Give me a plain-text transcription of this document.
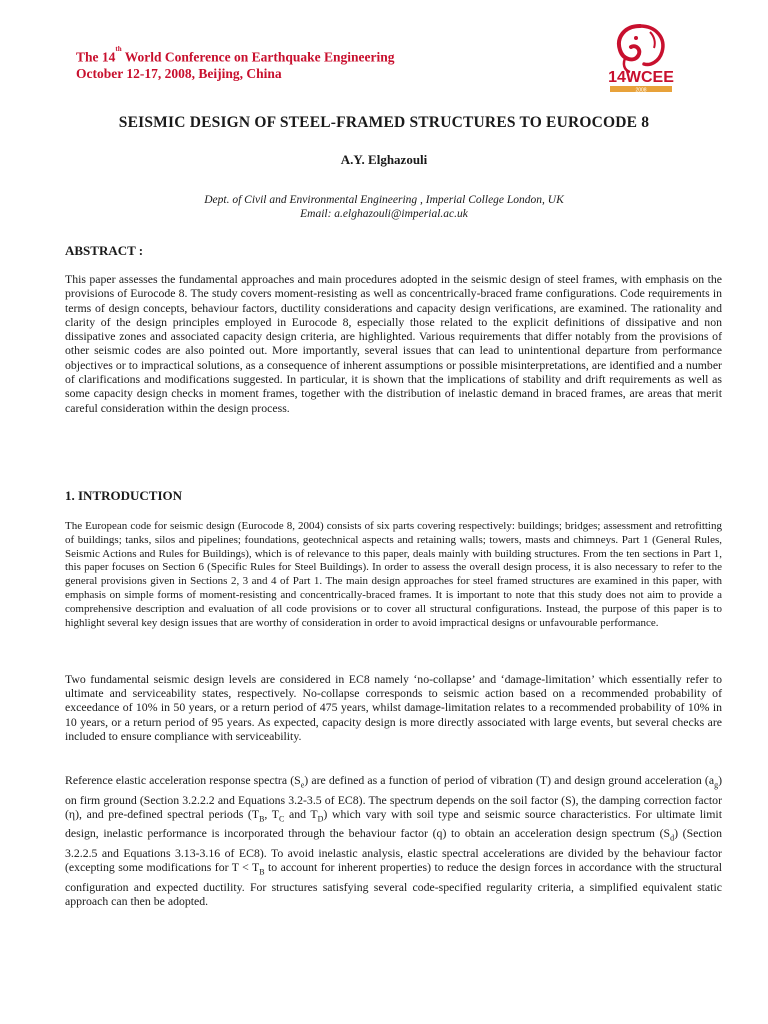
The 14th World Conference on Earthquake Engineering
October 12-17, 2008, Beijing, China	14WCEE
2008
SEISMIC DESIGN OF STEEL-FRAMED STRUCTURES TO EUROCODE 8
A.Y. Elghazouli
Dept. of Civil and Environmental Engineering , Imperial College London, UK
Email: a.elghazouli@imperial.ac.uk
ABSTRACT :
This paper assesses the fundamental approaches and main procedures adopted in the seismic design of steel frames, with emphasis on the provisions of Eurocode 8. The study covers moment-resisting as well as concentrically-braced frame configurations. Code requirements in terms of design concepts, behaviour factors, ductility considerations and capacity design verifications, are examined. The rationality and clarity of the design principles employed in Eurocode 8, especially those related to the explicit definitions of dissipative and non dissipative zones and associated capacity design criteria, are highlighted. Various requirements that differ notably from the provisions of other seismic codes are also pointed out. More importantly, several issues that can lead to unintentional departure from performance objectives or to impractical solutions, as a consequence of inherent assumptions or possible misinterpretations, are identified and a number of clarifications and modifications suggested. In particular, it is shown that the implications of stability and drift requirements as well as some capacity design checks in moment frames, together with the distribution of inelastic demand in braced frames, are areas that merit careful consideration within the design process.
1. INTRODUCTION
The European code for seismic design (Eurocode 8, 2004) consists of six parts covering respectively: buildings; bridges; assessment and retrofitting of buildings; tanks, silos and pipelines; foundations, geotechnical aspects and retaining walls; towers, masts and chimneys. Part 1 (General Rules, Seismic Actions and Rules for Buildings), which is of relevance to this paper, deals mainly with building structures. From the ten sections in Part 1, this paper focuses on Section 6 (Specific Rules for Steel Buildings). In order to assess the overall design process, it is also necessary to refer to the general provisions given in Sections 2, 3 and 4 of Part 1. The main design approaches for steel framed structures are examined in this paper, with emphasis on simple forms of moment-resisting and concentrically-braced frames. It is important to note that this study does not aim to provide a comprehensive description and evaluation of all code provisions or to cover all structural configurations. Instead, the purpose of this paper is to highlight several key design issues that are worthy of consideration in order to avoid impractical designs or unfavourable performance.
Two fundamental seismic design levels are considered in EC8 namely ‘no-collapse’ and ‘damage-limitation’ which essentially refer to ultimate and serviceability states, respectively. No-collapse corresponds to seismic action based on a recommended probability of exceedance of 10% in 50 years, or a return period of 475 years, whilst damage-limitation relates to a recommended probability of 10% in 10 years, or a return period of 95 years. As expected, capacity design is more directly associated with large events, but several checks are included to ensure compliance with serviceability.
Reference elastic acceleration response spectra $(S_e)$ are defined as a function of period of vibration (T) and design ground acceleration $(a_g)$ on firm ground (Section 3.2.2.2 and Equations 3.2-3.5 of EC8). The spectrum depends on the soil factor (S), the damping correction factor (η), and pre-defined spectral periods ($T_B$, $T_C$ and $T_D$) which vary with soil type and seismic source characteristics. For ultimate limit design, inelastic performance is incorporated through the behaviour factor (q) to obtain an acceleration design spectrum $(S_d)$ (Section 3.2.2.5 and Equations 3.13-3.16 of EC8). To avoid inelastic analysis, elastic spectral accelerations are divided by the behaviour factor (excepting some modifications for $T < T_B$ to account for inherent properties) to reduce the design forces in accordance with the structural configuration and expected ductility. For structures satisfying several code-specified regularity criteria, a simplified equivalent static approach can then be adopted.
